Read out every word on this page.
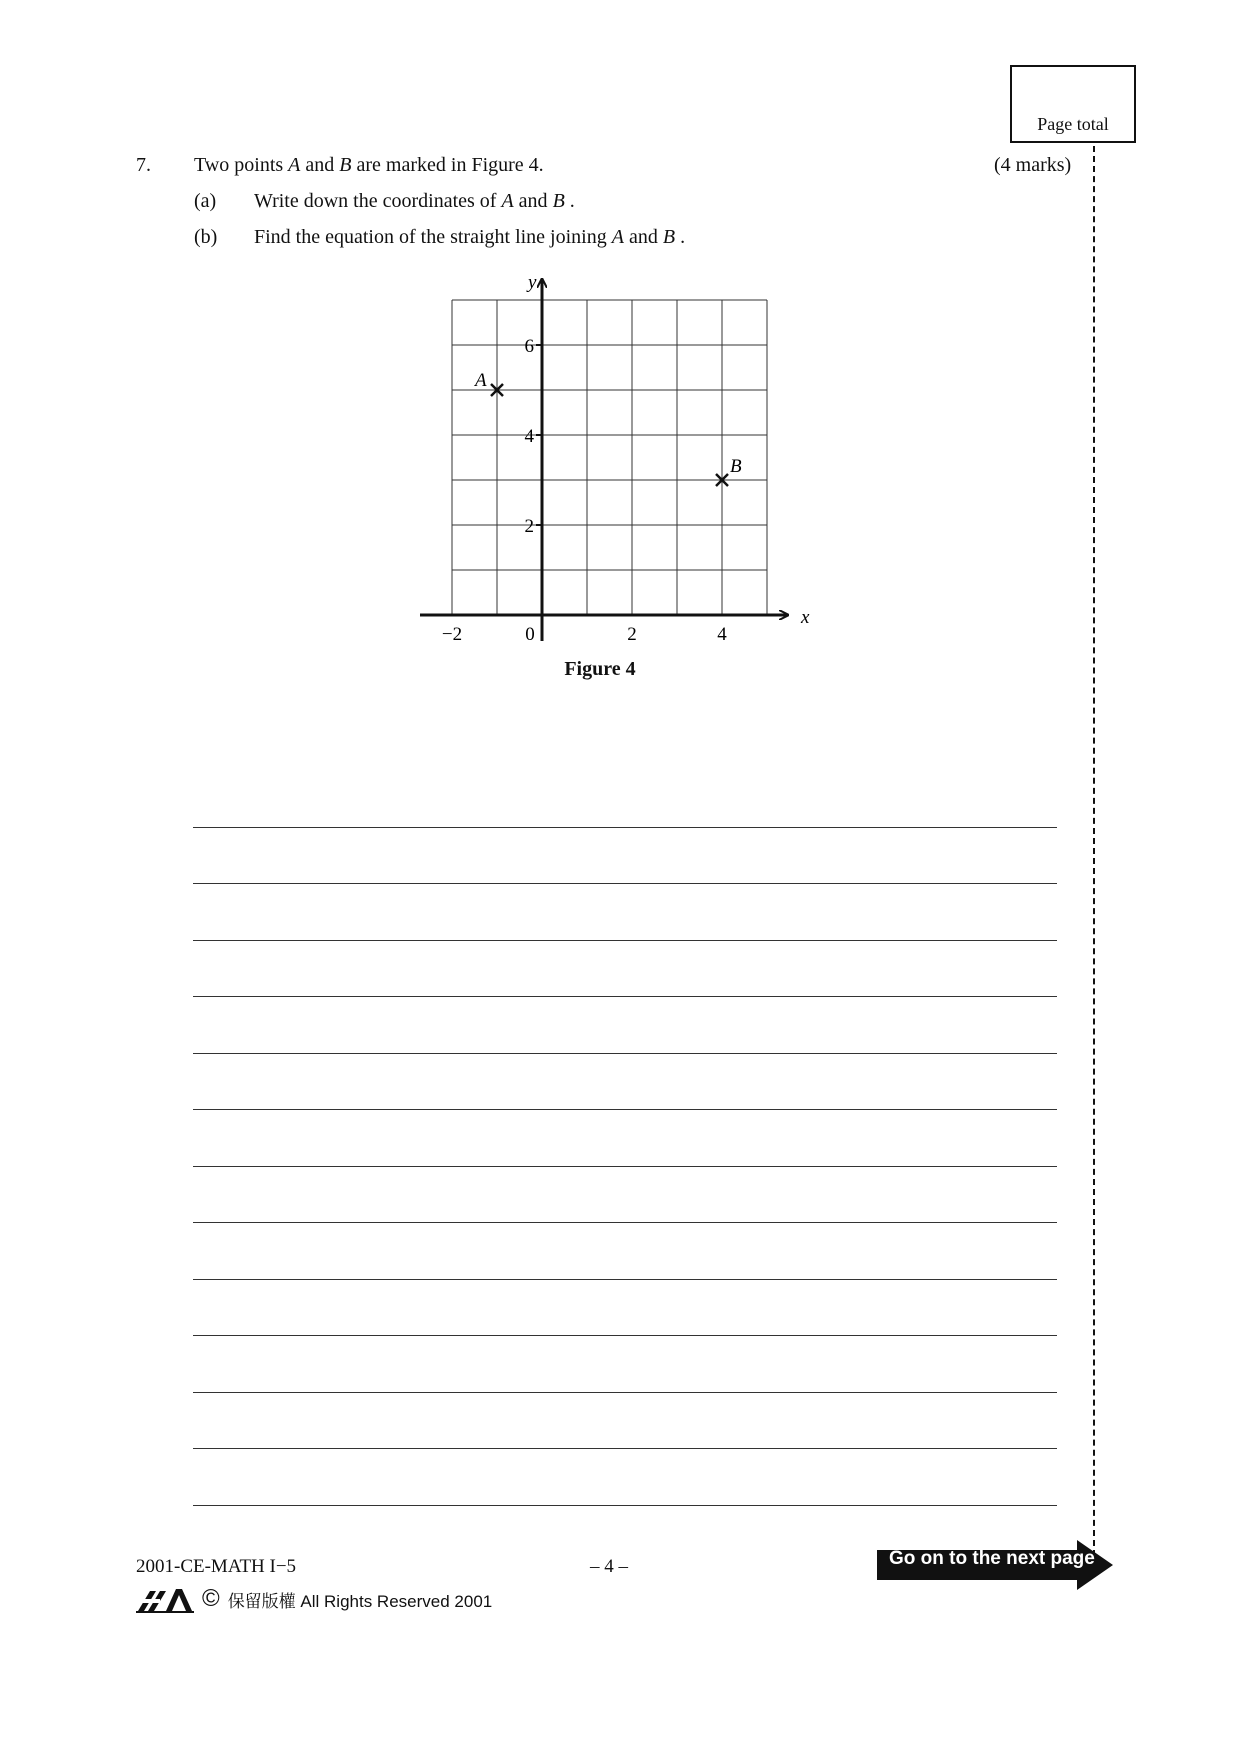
Page total
7. Two points A and B are marked in Figure 4.	(4 marks)
(a) Write down the coordinates of A and B .
(b) Find the equation of the straight line joining A and B .
x
y
−2	0	2	4
2
4
6
A
B
Figure 4
2001-CE-MATH I−5	– 4 –
© 保留版權 All Rights Reserved 2001
Go on to the next page
